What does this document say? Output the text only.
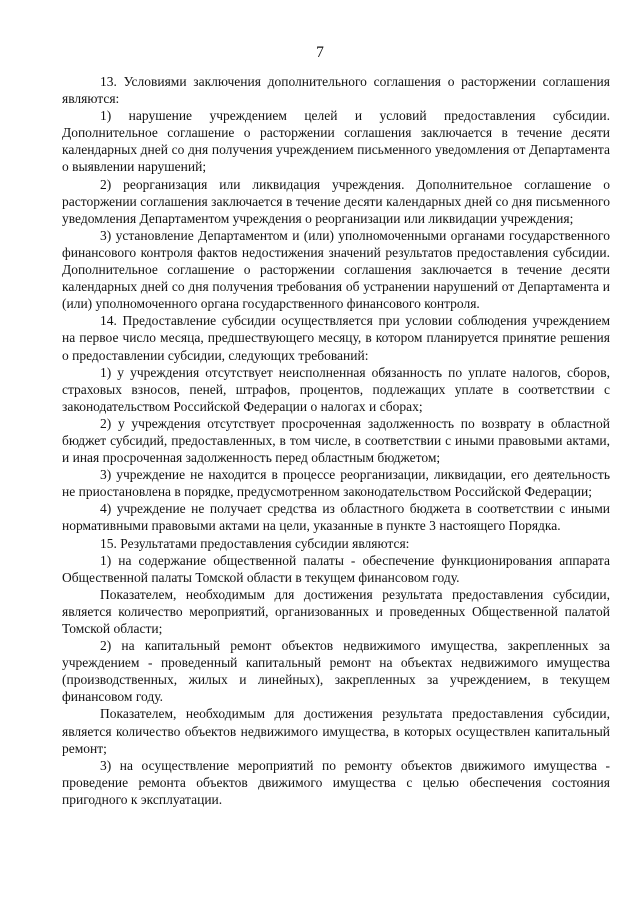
7

13. Условиями заключения дополнительного соглашения о расторжении соглашения являются:

1) нарушение учреждением целей и условий предоставления субсидии. Дополнительное соглашение о расторжении соглашения заключается в течение десяти календарных дней со дня получения учреждением письменного уведомления от Департамента о выявлении нарушений;

2) реорганизация или ликвидация учреждения. Дополнительное соглашение о расторжении соглашения заключается в течение десяти календарных дней со дня письменного уведомления Департаментом учреждения о реорганизации или ликвидации учреждения;

3) установление Департаментом и (или) уполномоченными органами государственного финансового контроля фактов недостижения значений результатов предоставления субсидии. Дополнительное соглашение о расторжении соглашения заключается в течение десяти календарных дней со дня получения требования об устранении нарушений от Департамента и (или) уполномоченного органа государственного финансового контроля.

14. Предоставление субсидии осуществляется при условии соблюдения учреждением на первое число месяца, предшествующего месяцу, в котором планируется принятие решения о предоставлении субсидии, следующих требований:

1) у учреждения отсутствует неисполненная обязанность по уплате налогов, сборов, страховых взносов, пеней, штрафов, процентов, подлежащих уплате в соответствии с законодательством Российской Федерации о налогах и сборах;

2) у учреждения отсутствует просроченная задолженность по возврату в областной бюджет субсидий, предоставленных, в том числе, в соответствии с иными правовыми актами, и иная просроченная задолженность перед областным бюджетом;

3) учреждение не находится в процессе реорганизации, ликвидации, его деятельность не приостановлена в порядке, предусмотренном законодательством Российской Федерации;

4) учреждение не получает средства из областного бюджета в соответствии с иными нормативными правовыми актами на цели, указанные в пункте 3 настоящего Порядка.

15. Результатами предоставления субсидии являются:

1) на содержание общественной палаты - обеспечение функционирования аппарата Общественной палаты Томской области в текущем финансовом году.

Показателем, необходимым для достижения результата предоставления субсидии, является количество мероприятий, организованных и проведенных Общественной палатой Томской области;

2) на капитальный ремонт объектов недвижимого имущества, закрепленных за учреждением - проведенный капитальный ремонт на объектах недвижимого имущества (производственных, жилых и линейных), закрепленных за учреждением, в текущем финансовом году.

Показателем, необходимым для достижения результата предоставления субсидии, является количество объектов недвижимого имущества, в которых осуществлен капитальный ремонт;

3) на осуществление мероприятий по ремонту объектов движимого имущества - проведение ремонта объектов движимого имущества с целью обеспечения состояния пригодного к эксплуатации.
